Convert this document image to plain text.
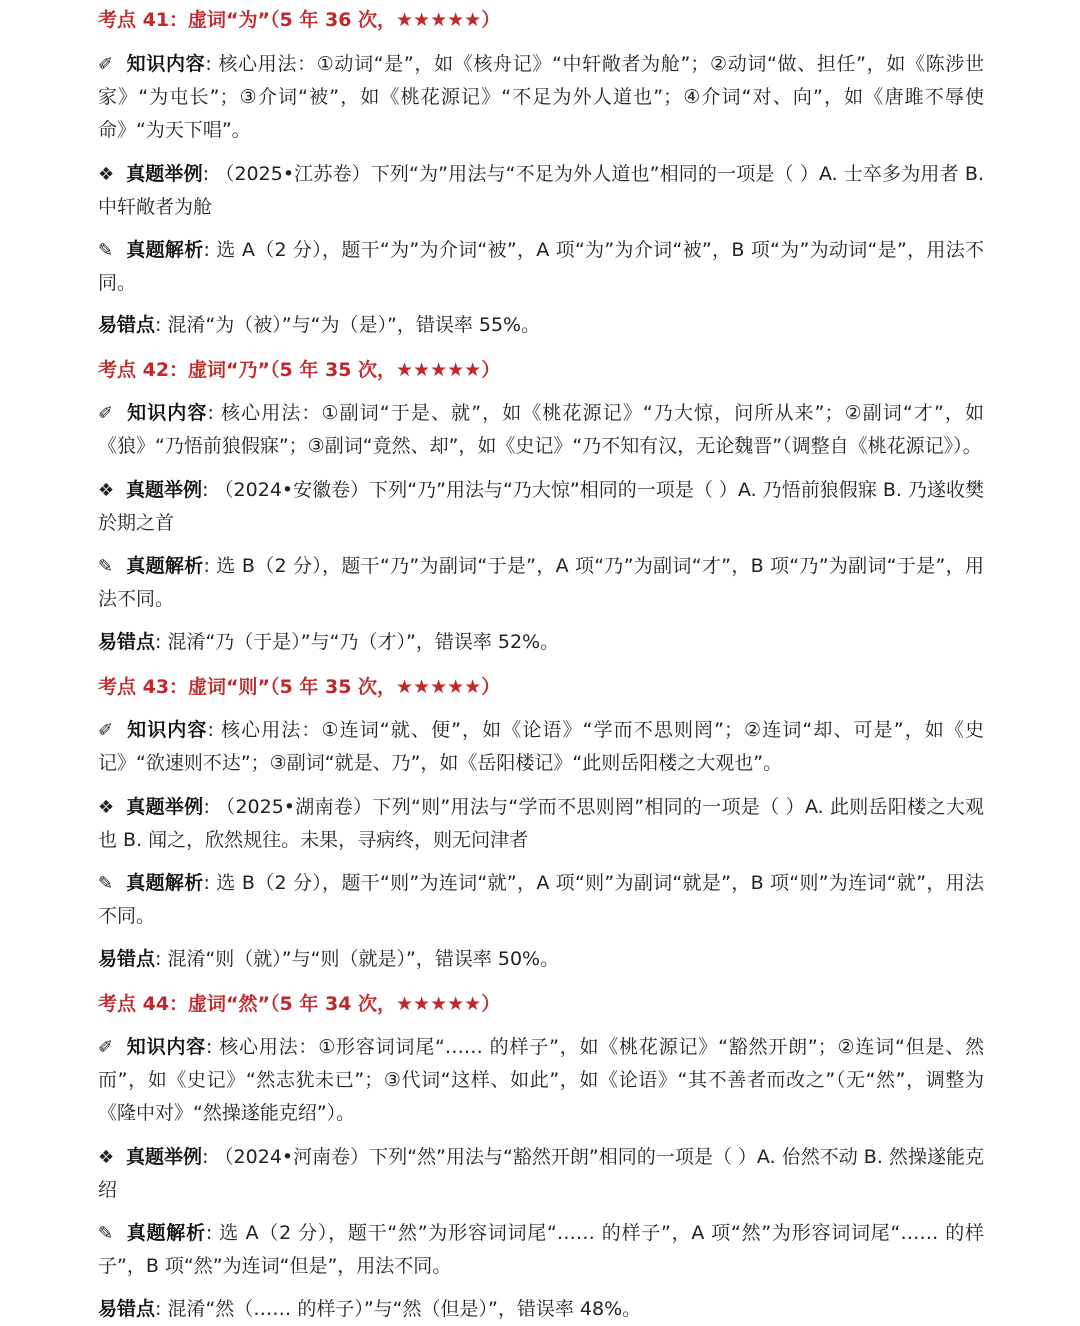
考点 41：虚词“为”（5 年 36 次，★★★★★）
✐ 知识内容: 核心用法：①动词“是”，如《核舟记》“中轩敞者为舱”；②动词“做、担任”，如《陈涉世家》“为屯长”；③介词“被”，如《桃花源记》“不足为外人道也”；④介词“对、向”，如《唐雎不辱使命》“为天下唱”。
❖ 真题举例: （2025•江苏卷）下列“为”用法与“不足为外人道也”相同的一项是（ ）A. 士卒多为用者 B. 中轩敞者为舱
✎ 真题解析: 选 A（2 分），题干“为”为介词“被”，A 项“为”为介词“被”，B 项“为”为动词“是”，用法不同。
易错点: 混淆“为（被）”与“为（是）”，错误率 55%。
考点 42：虚词“乃”（5 年 35 次，★★★★★）
✐ 知识内容: 核心用法：①副词“于是、就”，如《桃花源记》“乃大惊，问所从来”；②副词“才”，如《狼》“乃悟前狼假寐”；③副词“竟然、却”，如《史记》“乃不知有汉，无论魏晋”（调整自《桃花源记》）。
❖ 真题举例: （2024•安徽卷）下列“乃”用法与“乃大惊”相同的一项是（ ）A. 乃悟前狼假寐 B. 乃遂收樊於期之首
✎ 真题解析: 选 B（2 分），题干“乃”为副词“于是”，A 项“乃”为副词“才”，B 项“乃”为副词“于是”，用法不同。
易错点: 混淆“乃（于是）”与“乃（才）”，错误率 52%。
考点 43：虚词“则”（5 年 35 次，★★★★★）
✐ 知识内容: 核心用法：①连词“就、便”，如《论语》“学而不思则罔”；②连词“却、可是”，如《史记》“欲速则不达”；③副词“就是、乃”，如《岳阳楼记》“此则岳阳楼之大观也”。
❖ 真题举例: （2025•湖南卷）下列“则”用法与“学而不思则罔”相同的一项是（ ）A. 此则岳阳楼之大观也 B. 闻之，欣然规往。未果，寻病终，则无问津者
✎ 真题解析: 选 B（2 分），题干“则”为连词“就”，A 项“则”为副词“就是”，B 项“则”为连词“就”，用法不同。
易错点: 混淆“则（就）”与“则（就是）”，错误率 50%。
考点 44：虚词“然”（5 年 34 次，★★★★★）
✐ 知识内容: 核心用法：①形容词词尾“…… 的样子”，如《桃花源记》“豁然开朗”；②连词“但是、然而”，如《史记》“然志犹未已”；③代词“这样、如此”，如《论语》“其不善者而改之”（无“然”，调整为《隆中对》“然操遂能克绍”）。
❖ 真题举例: （2024•河南卷）下列“然”用法与“豁然开朗”相同的一项是（ ）A. 佁然不动 B. 然操遂能克绍
✎ 真题解析: 选 A（2 分），题干“然”为形容词词尾“…… 的样子”，A 项“然”为形容词词尾“…… 的样子”，B 项“然”为连词“但是”，用法不同。
易错点: 混淆“然（…… 的样子）”与“然（但是）”，错误率 48%。
